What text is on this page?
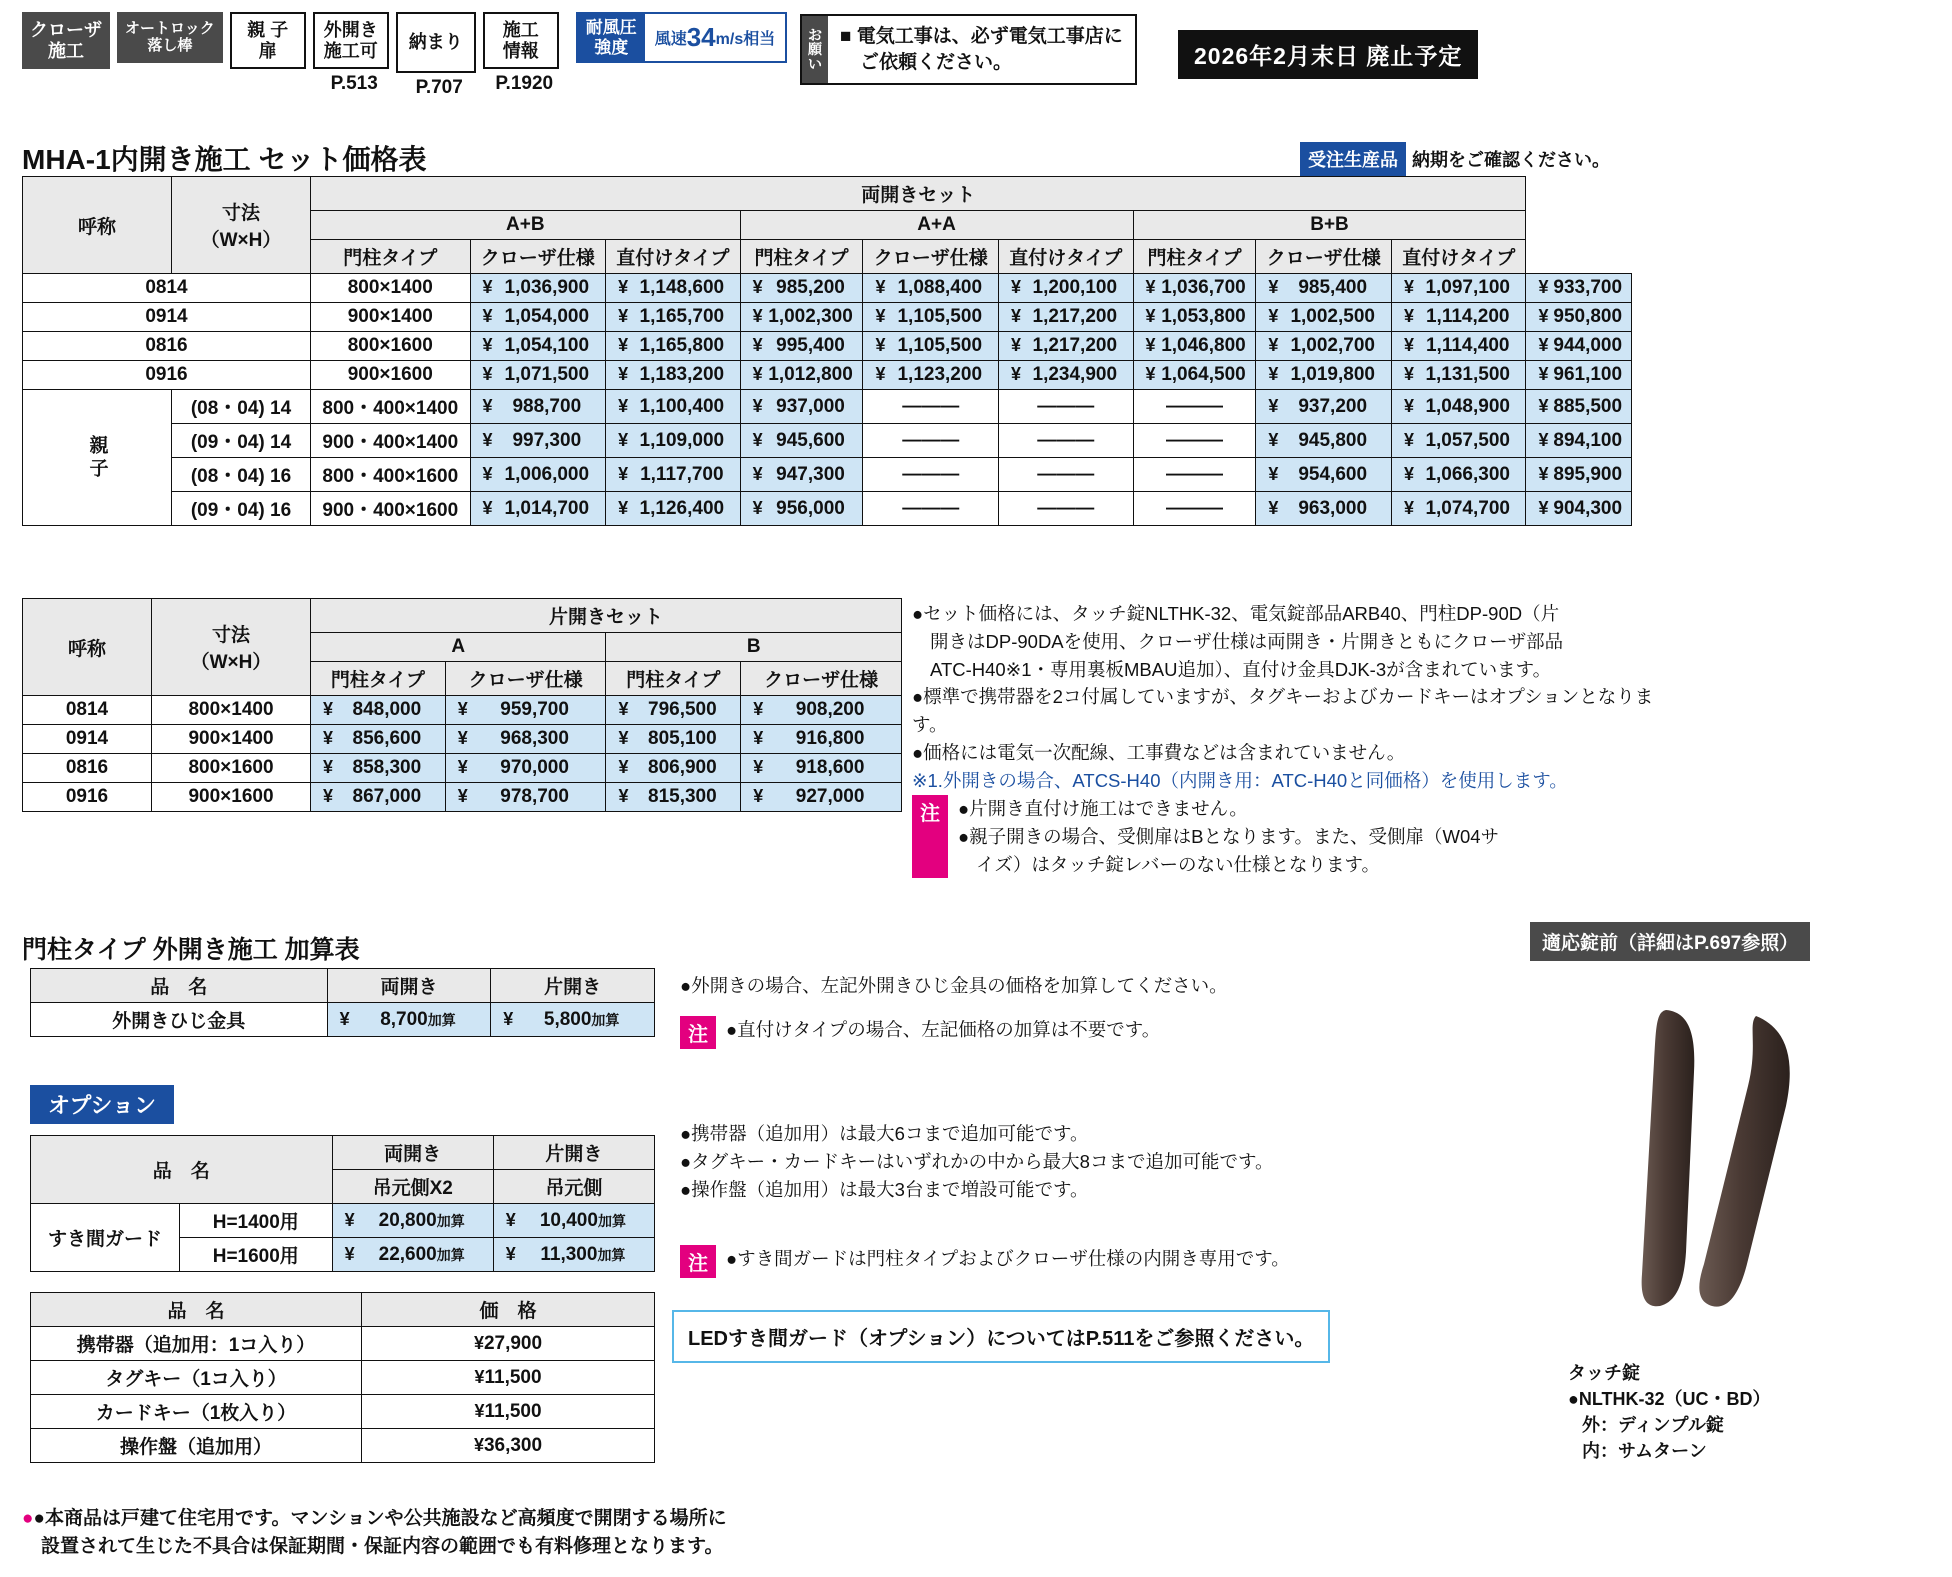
クローザ
施工
オートロック
落し棒
親 子
扉
外開き
施工可
P.513
納まり
P.707
施工
情報
P.1920
耐風圧
強度 風速 34 m/s相当 お
願
い
■ 電気工事は、必ず電気工事店に
ご依頼ください。	2026年2月末日 廃止予定
MHA-1内開き施工 セット価格表	受注生産品 納期をご確認ください。
呼称	寸法
（W×H）	両開きセット									
		A+B			A+A			B+B			
		門柱タイプ	クローザ仕様	直付けタイプ	門柱タイプ	クローザ仕様	直付けタイプ	門柱タイプ	クローザ仕様	直付けタイプ	
0814		800×1400	¥ 1,036,900	¥ 1,148,600	¥ 985,200	¥ 1,088,400	¥ 1,200,100	¥ 1,036,700	¥ 985,400	¥ 1,097,100	¥ 933,700
0914		900×1400	¥ 1,054,000	¥ 1,165,700	¥ 1,002,300	¥ 1,105,500	¥ 1,217,200	¥ 1,053,800	¥ 1,002,500	¥ 1,114,200	¥ 950,800
0816		800×1600	¥ 1,054,100	¥ 1,165,800	¥ 995,400	¥ 1,105,500	¥ 1,217,200	¥ 1,046,800	¥ 1,002,700	¥ 1,114,400	¥ 944,000
0916		900×1600	¥ 1,071,500	¥ 1,183,200	¥ 1,012,800	¥ 1,123,200	¥ 1,234,900	¥ 1,064,500	¥ 1,019,800	¥ 1,131,500	¥ 961,100
親子	(08・04) 14	800・400×1400	¥ 988,700	¥ 1,100,400	¥ 937,000	———	———	———	¥ 937,200	¥ 1,048,900	¥ 885,500
	(09・04) 14	900・400×1400	¥ 997,300	¥ 1,109,000	¥ 945,600	———	———	———	¥ 945,800	¥ 1,057,500	¥ 894,100
	(08・04) 16	800・400×1600	¥ 1,006,000	¥ 1,117,700	¥ 947,300	———	———	———	¥ 954,600	¥ 1,066,300	¥ 895,900
	(09・04) 16	900・400×1600	¥ 1,014,700	¥ 1,126,400	¥ 956,000	———	———	———	¥ 963,000	¥ 1,074,700	¥ 904,300
呼称	寸法
（W×H）	片開きセット			
		A		B	
		門柱タイプ	クローザ仕様	門柱タイプ	クローザ仕様
0814	800×1400	¥ 848,000	¥ 959,700	¥ 796,500	¥ 908,200
0914	900×1400	¥ 856,600	¥ 968,300	¥ 805,100	¥ 916,800
0816	800×1600	¥ 858,300	¥ 970,000	¥ 806,900	¥ 918,600
0916	900×1600	¥ 867,000	¥ 978,700	¥ 815,300	¥ 927,000
●セット価格には、タッチ錠NLTHK-32、電気錠部品ARB40、門柱DP-90D（片
開きはDP-90DAを使用、クローザ仕様は両開き・片開きともにクローザ部品
ATC-H40※1・専用裏板MBAU追加）、直付け金具DJK-3が含まれています。
●標準で携帯器を2コ付属していますが、タグキーおよびカードキーはオプションとなります。
●価格には電気一次配線、工事費などは含まれていません。
※1.外開きの場合、ATCS-H40（内開き用：ATC-H40と同価格）を使用します。
注 ●片開き直付け施工はできません。
●親子開きの場合、受側扉はBとなります。また、受側扉（W04サ
イズ）はタッチ錠レバーのない仕様となります。
門柱タイプ 外開き施工 加算表
品　名	両開き	片開き
外開きひじ金具	¥ 8,700加算	¥ 5,800加算
●外開きの場合、左記外開きひじ金具の価格を加算してください。
注 ●直付けタイプの場合、左記価格の加算は不要です。
オプション
品　名		両開き	片開き
		吊元側X2	吊元側
すき間ガード	H=1400用	¥ 20,800加算	¥ 10,400加算
	H=1600用	¥ 22,600加算	¥ 11,300加算
品　名	価　格
携帯器（追加用：1コ入り）	¥27,900
タグキー（1コ入り）	¥11,500
カードキー（1枚入り）	¥11,500
操作盤（追加用）	¥36,300
●携帯器（追加用）は最大6コまで追加可能です。
●タグキー・カードキーはいずれかの中から最大8コまで追加可能です。
●操作盤（追加用）は最大3台まで増設可能です。
注 ●すき間ガードは門柱タイプおよびクローザ仕様の内開き専用です。
LEDすき間ガード（オプション）についてはP.511をご参照ください。
適応錠前（詳細はP.697参照）
タッチ錠
●NLTHK-32（UC・BD）
外：ディンプル錠
内：サムターン
●●本商品は戸建て住宅用です。マンションや公共施設など高頻度で開閉する場所に
　設置されて生じた不具合は保証期間・保証内容の範囲でも有料修理となります。
